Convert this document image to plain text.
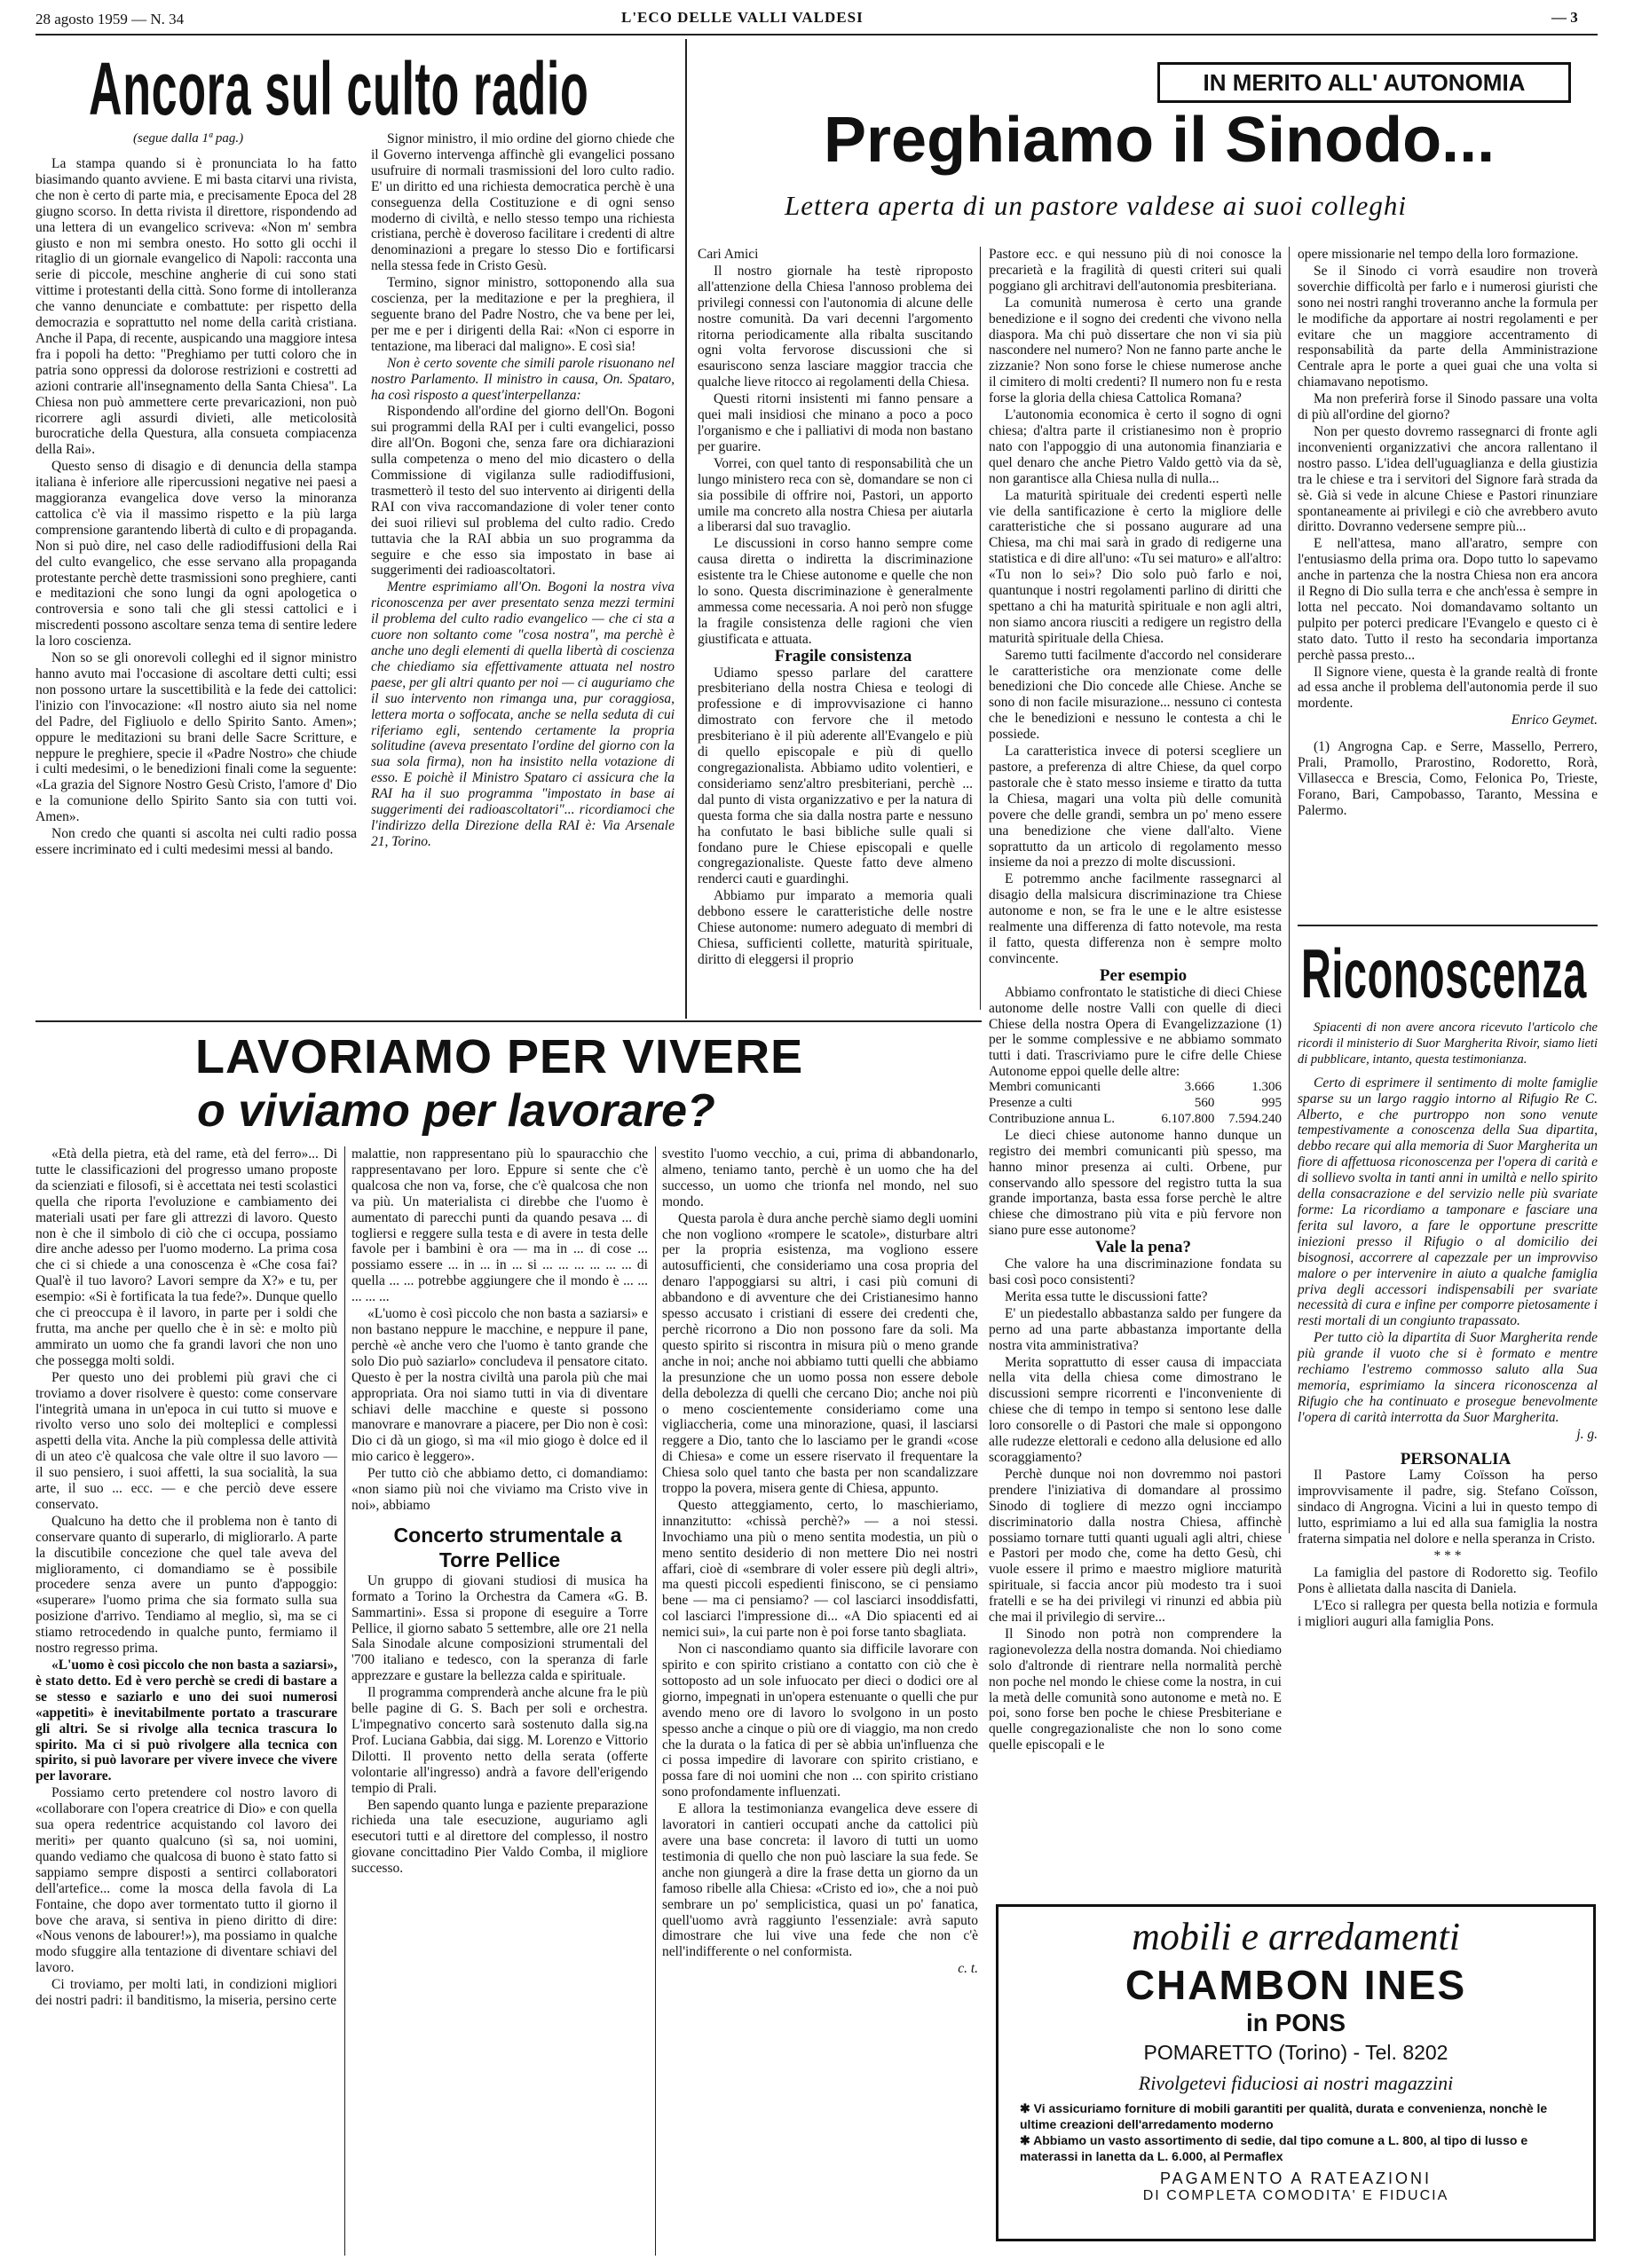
28 agosto 1959 — N. 34	L'ECO DELLE VALLI VALDESI	— 3
Ancora sul culto radio
(segue dalla 1ª pag.)

La stampa quando si è pronunciata lo ha fatto biasimando quanto avviene. E mi basta citarvi una rivista, che non è certo di parte mia, e precisamente Epoca del 28 giugno scorso. In detta rivista il direttore, rispondendo ad una lettera di un evangelico scriveva: «Non m' sembra giusto e non mi sembra onesto. Ho sotto gli occhi il ritaglio di un giornale evangelico di Napoli: racconta una serie di piccole, meschine angherie di cui sono stati vittime i protestanti della città. Sono forme di intolleranza che vanno denunciate e combattute: per rispetto della democrazia e soprattutto nel nome della carità cristiana. Anche il Papa, di recente, auspicando una maggiore intesa fra i popoli ha detto: "Preghiamo per tutti coloro che in patria sono oppressi da dolorose restrizioni e costretti ad azioni contrarie all'insegnamento della Santa Chiesa". La Chiesa non può ammettere certe prevaricazioni, non può ricorrere agli assurdi divieti, alle meticolosità burocratiche della Questura, alla consueta compiacenza della Rai».

Questo senso di disagio e di denuncia della stampa italiana è inferiore alle ripercussioni negative nei paesi a maggioranza evangelica dove verso la minoranza cattolica c'è via il massimo rispetto e la più larga comprensione garantendo libertà di culto e di propaganda. Non si può dire, nel caso delle radiodiffusioni della Rai del culto evangelico, che esse servano alla propaganda protestante perchè dette trasmissioni sono preghiere, canti e meditazioni che sono lungi da ogni apologetica o controversia e sono tali che gli stessi cattolici e i miscredenti possono ascoltare senza tema di sentire ledere la loro coscienza.

Non so se gli onorevoli colleghi ed il signor ministro hanno avuto mai l'occasione di ascoltare detti culti; essi non possono urtare la suscettibilità e la fede dei cattolici: l'inizio con l'invocazione: «Il nostro aiuto sia nel nome del Padre, del Figliuolo e dello Spirito Santo. Amen»; oppure le meditazioni su brani delle Sacre Scritture, e neppure le preghiere, specie il «Padre Nostro» che chiude i culti medesimi, o le benedizioni finali come la seguente: «La grazia del Signore Nostro Gesù Cristo, l'amore d' Dio e la comunione dello Spirito Santo sia con tutti voi. Amen».

Non credo che quanti si ascolta nei culti radio possa essere incriminato ed i culti medesimi messi al bando.

Signor ministro, il mio ordine del giorno chiede che il Governo intervenga affinchè gli evangelici possano usufruire di normali trasmissioni del loro culto radio. E' un diritto ed una richiesta democratica perchè è una conseguenza della Costituzione e di ogni senso moderno di civiltà, e nello stesso tempo una richiesta cristiana, perchè è doveroso facilitare i credenti di altre denominazioni a pregare lo stesso Dio e fortificarsi nella stessa fede in Cristo Gesù.

Termino, signor ministro, sottoponendo alla sua coscienza, per la meditazione e per la preghiera, il seguente brano del Padre Nostro, che va bene per lei, per me e per i dirigenti della Rai: «Non ci esporre in tentazione, ma liberaci dal maligno». E così sia!

Non è certo sovente che simili parole risuonano nel nostro Parlamento. Il ministro in causa, On. Spataro, ha così risposto a quest'interpellanza:

Rispondendo all'ordine del giorno dell'On. Bogoni sui programmi della RAI per i culti evangelici, posso dire all'On. Bogoni che, senza fare ora dichiarazioni sulla competenza o meno del mio dicastero o della Commissione di vigilanza sulle radiodiffusioni, trasmetterò il testo del suo intervento ai dirigenti della RAI con viva raccomandazione di voler tener conto dei suoi rilievi sul problema del culto radio. Credo tuttavia che la RAI abbia un suo programma da seguire e che esso sia impostato in base ai suggerimenti dei radioascoltatori.

Mentre esprimiamo all'On. Bogoni la nostra viva riconoscenza per aver presentato senza mezzi termini il problema del culto radio evangelico — che ci sta a cuore non soltanto come "cosa nostra", ma perchè è anche uno degli elementi di quella libertà di coscienza che chiediamo sia effettivamente attuata nel nostro paese, per gli altri quanto per noi — ci auguriamo che il suo intervento non rimanga una, pur coraggiosa, lettera morta o soffocata, anche se nella seduta di cui riferiamo egli, sentendo certamente la propria solitudine (aveva presentato l'ordine del giorno con la sua sola firma), non ha insistito nella votazione di esso. E poichè il Ministro Spataro ci assicura che la RAI ha il suo programma "impostato in base ai suggerimenti dei radioascoltatori"... ricordiamoci che l'indirizzo della Direzione della RAI è: Via Arsenale 21, Torino.

IN MERITO ALL' AUTONOMIA
Preghiamo il Sinodo...
Lettera aperta di un pastore valdese ai suoi colleghi

Cari Amici

Il nostro giornale ha testè riproposto all'attenzione della Chiesa l'annoso problema dei privilegi connessi con l'autonomia di alcune delle nostre comunità. Da vari decenni l'argomento ritorna periodicamente alla ribalta suscitando ogni volta fervorose discussioni che si esauriscono senza lasciare maggior traccia che qualche lieve ritocco ai regolamenti della Chiesa.

Questi ritorni insistenti mi fanno pensare a quei mali insidiosi che minano a poco a poco l'organismo e che i palliativi di moda non bastano per guarire.

Vorrei, con quel tanto di responsabilità che un lungo ministero reca con sè, domandare se non ci sia possibile di offrire noi, Pastori, un apporto umile ma concreto alla nostra Chiesa per aiutarla a liberarsi dal suo travaglio.

Le discussioni in corso hanno sempre come causa diretta o indiretta la discriminazione esistente tra le Chiese autonome e quelle che non lo sono. Questa discriminazione è generalmente ammessa come necessaria. A noi però non sfugge la fragile consistenza delle ragioni che vien giustificata e attuata.

Fragile consistenza

Udiamo spesso parlare del carattere presbiteriano della nostra Chiesa e teologi di professione e di improvvisazione ci hanno dimostrato con fervore che il metodo presbiteriano è il più aderente all'Evangelo e più di quello episcopale e più di quello congregazionalista. Abbiamo udito volentieri, e consideriamo senz'altro presbiteriani, perchè ... dal punto di vista organizzativo e per la natura di questa forma che sia dalla nostra parte e nessuno ha confutato le basi bibliche sulle quali si fondano pure le Chiese episcopali e quelle congregazionaliste. Queste fatto deve almeno renderci cauti e guardinghi.

Abbiamo pur imparato a memoria quali debbono essere le caratteristiche delle nostre Chiese autonome: numero adeguato di membri di Chiesa, sufficienti collette, maturità spirituale, diritto di eleggersi il proprio

Pastore ecc. e qui nessuno più di noi conosce la precarietà e la fragilità di questi criteri sui quali poggiano gli architravi dell'autonomia presbiteriana.

La comunità numerosa è certo una grande benedizione e il sogno dei credenti che vivono nella diaspora. Ma chi può dissertare che non vi sia più nascondere nel numero? Non ne fanno parte anche le zizzanie? Non sono forse le chiese numerose anche il cimitero di molti credenti? Il numero non fu e resta forse la gloria della chiesa Cattolica Romana?

L'autonomia economica è certo il sogno di ogni chiesa; d'altra parte il cristianesimo non è proprio nato con l'appoggio di una autonomia finanziaria e quel denaro che anche Pietro Valdo gettò via da sè, non garantisce alla Chiesa nulla di nulla...

La maturità spirituale dei credenti espertì nelle vie della santificazione è certo la migliore delle caratteristiche che si possano augurare ad una Chiesa, ma chi mai sarà in grado di redigerne una statistica e di dire all'uno: «Tu sei maturo» e all'altro: «Tu non lo sei»? Dio solo può farlo e noi, quantunque i nostri regolamenti parlino di diritti che spettano a chi ha maturità spirituale e non agli altri, non siamo ancora riusciti a redigere un registro della maturità spirituale della Chiesa.

Saremo tutti facilmente d'accordo nel considerare le caratteristiche ora menzionate come delle benedizioni che Dio concede alle Chiese. Anche se sono di non facile misurazione... nessuno ci contesta che le benedizioni e nessuno le contesta a chi le possiede.

La caratteristica invece di potersi scegliere un pastore, a preferenza di altre Chiese, da quel corpo pastorale che è stato messo insieme e tiratto da tutta la Chiesa, magari una volta più delle comunità povere che delle grandi, sembra un po' meno essere una benedizione che viene dall'alto. Viene soprattutto da un articolo di regolamento messo insieme da noi a prezzo di molte discussioni.

E potremmo anche facilmente rassegnarci al disagio della malsicura discriminazione tra Chiese autonome e non, se fra le une e le altre esistesse realmente una differenza di fatto notevole, ma resta il fatto, questa differenza non è sempre molto convincente.

Per esempio

Abbiamo confrontato le statistiche di dieci Chiese autonome delle nostre Valli con quelle di dieci Chiese della nostra Opera di Evangelizzazione (1) per le somme complessive e ne abbiamo sommato tutti i dati. Trascriviamo pure le cifre delle Chiese Autonome eppoi quelle delle altre:

Membri comunicanti	3.666	1.306
Presenze a culti	560	995
Contribuzione annua L.	6.107.800	7.594.240

Le dieci chiese autonome hanno dunque un registro dei membri comunicanti più spesso, ma hanno minor presenza ai culti. Orbene, pur conservando allo spessore del registro tutta la sua grande importanza, basta essa forse perchè le altre chiese che dimostrano più vita e più fervore non siano pure esse autonome?

Vale la pena?

Che valore ha una discriminazione fondata su basi così poco consistenti?

Merita essa tutte le discussioni fatte?

E' un piedestallo abbastanza saldo per fungere da perno ad una parte abbastanza importante della nostra vita amministrativa?

Merita soprattutto di esser causa di impacciata nella vita della chiesa come dimostrano le discussioni sempre ricorrenti e l'inconveniente di chiese che di tempo in tempo si sentono lese dalle loro consorelle o di Pastori che male si oppongono alle rudezze elettorali e cedono alla delusione ed allo scoraggiamento?

Perchè dunque noi non dovremmo noi pastori prendere l'iniziativa di domandare al prossimo Sinodo di togliere di mezzo ogni incciampo discriminatorio dalla nostra Chiesa, affinchè possiamo tornare tutti quanti uguali agli altri, chiese e Pastori per modo che, come ha detto Gesù, chi vuole essere il primo e maestro migliore maturità spirituale, si faccia ancor più modesto tra i suoi fratelli e se ha dei privilegi vi rinunzi ed abbia più che mai il privilegio di servire...

Il Sinodo non potrà non comprendere la ragionevolezza della nostra domanda. Noi chiediamo solo d'altronde di rientrare nella normalità perchè non poche nel mondo le chiese come la nostra, in cui la metà delle comunità sono autonome e metà no. E poi, sono forse ben poche le chiese Presbiteriane e quelle congregazionaliste che non lo sono come quelle episcopali e le

opere missionarie nel tempo della loro formazione.

Se il Sinodo ci vorrà esaudire non troverà soverchie difficoltà per farlo e i numerosi giuristi che sono nei nostri ranghi troveranno anche la formula per le modifiche da apportare ai nostri regolamenti e per evitare che un maggiore accentramento di responsabilità da parte della Amministrazione Centrale apra le porte a quei guai che una volta si chiamavano nepotismo.

Ma non preferirà forse il Sinodo passare una volta di più all'ordine del giorno?

Non per questo dovremo rassegnarci di fronte agli inconvenienti organizzativi che ancora rallentano il nostro passo. L'idea dell'uguaglianza e della giustizia tra le chiese e tra i servitori del Signore farà strada da sè. Già si vede in alcune Chiese e Pastori rinunziare spontaneamente ai privilegi e ciò che avrebbero avuto diritto. Dovranno vedersene sempre più...

E nell'attesa, mano all'aratro, sempre con l'entusiasmo della prima ora. Dopo tutto lo sapevamo anche in partenza che la nostra Chiesa non era ancora il Regno di Dio sulla terra e che anch'essa è sempre in lotta nel peccato. Noi domandavamo soltanto un pulpito per poterci predicare l'Evangelo e questo ci è stato dato. Tutto il resto ha secondaria importanza perchè passa presto...

Il Signore viene, questa è la grande realtà di fronte ad essa anche il problema dell'autonomia perde il suo mordente.

Enrico Geymet.

(1) Angrogna Cap. e Serre, Massello, Perrero, Prali, Pramollo, Prarostino, Rodoretto, Rorà, Villasecca e Brescia, Como, Felonica Po, Trieste, Forano, Bari, Campobasso, Taranto, Messina e Palermo.

Riconoscenza

Spiacenti di non avere ancora ricevuto l'articolo che ricordi il ministerio di Suor Margherita Rivoir, siamo lieti di pubblicare, intanto, questa testimonianza.

Certo di esprimere il sentimento di molte famiglie sparse su un largo raggio intorno al Rifugio Re C. Alberto, e che purtroppo non sono venute tempestivamente a conoscenza della Sua dipartita, debbo recare qui alla memoria di Suor Margherita un fiore di affettuosa riconoscenza per l'opera di carità e di sollievo svolta in tanti anni in umiltà e nello spirito della consacrazione e del servizio nelle più svariate forme: La ricordiamo a tamponare e fasciare una ferita sul lavoro, a fare le opportune prescritte iniezioni presso il Rifugio o al domicilio dei bisognosi, accorrere al capezzale per un improvviso malore o per intervenire in aiuto a qualche famiglia priva degli accessori indispensabili per svariate necessità di cura e infine per comporre pietosamente i resti mortali di un congiunto trapassato.

Per tutto ciò la dipartita di Suor Margherita rende più grande il vuoto che si è formato e mentre rechiamo l'estremo commosso saluto alla Sua memoria, esprimiamo la sincera riconoscenza al Rifugio che ha continuato e prosegue benevolmente l'opera di carità interrotta da Suor Margherita.

j. g.

PERSONALIA

Il Pastore Lamy Coïsson ha perso improvvisamente il padre, sig. Stefano Coïsson, sindaco di Angrogna. Vicini a lui in questo tempo di lutto, esprimiamo a lui ed alla sua famiglia la nostra fraterna simpatia nel dolore e nella speranza in Cristo.

* * *

La famiglia del pastore di Rodoretto sig. Teofilo Pons è allietata dalla nascita di Daniela.

L'Eco si rallegra per questa bella notizia e formula i migliori auguri alla famiglia Pons.

mobili e arredamenti
CHAMBON INES
in PONS
POMARETTO (Torino) - Tel. 8202
Rivolgetevi fiduciosi ai nostri magazzini
✱ Vi assicuriamo forniture di mobili garantiti per qualità, durata e convenienza, nonchè le ultime creazioni dell'arredamento moderno
✱ Abbiamo un vasto assortimento di sedie, dal tipo comune a L. 800, al tipo di lusso e materassi in lanetta da L. 6.000, al Permaflex
PAGAMENTO A RATEAZIONI
DI COMPLETA COMODITA' E FIDUCIA
LAVORIAMO PER VIVERE
o viviamo per lavorare?

«Età della pietra, età del rame, età del ferro»... Di tutte le classificazioni del progresso umano proposte da scienziati e filosofi, si è accettata nei testi scolastici quella che riporta l'evoluzione e cambiamento dei materiali usati per fare gli attrezzi di lavoro. Questo non è che il simbolo di ciò che ci occupa, possiamo dire anche adesso per l'uomo moderno. La prima cosa che ci si chiede a una conoscenza è «Che cosa fai? Qual'è il tuo lavoro? Lavori sempre da X?» e tu, per esempio: «Si è fortificata la tua fede?». Dunque quello che ci preoccupa è il lavoro, in parte per i soldi che frutta, ma anche per quello che è in sè: e molto più ammirato un uomo che fa grandi lavori che non uno che possegga molti soldi.

Per questo uno dei problemi più gravi che ci troviamo a dover risolvere è questo: come conservare l'integrità umana in un'epoca in cui tutto si muove e rivolto verso uno solo dei molteplici e complessi aspetti della vita. Anche la più complessa delle attività di un ateo c'è qualcosa che vale oltre il suo lavoro — il suo pensiero, i suoi affetti, la sua socialità, la sua arte, il suo ... ecc. — e che perciò deve essere conservato.

Qualcuno ha detto che il problema non è tanto di conservare quanto di superarlo, di migliorarlo. A parte la discutibile concezione che quel tale aveva del miglioramento, ci domandiamo se è possibile procedere senza avere un punto d'appoggio: «superare» l'uomo prima che sia formato sulla sua posizione d'arrivo. Tendiamo al meglio, sì, ma se ci stiamo retrocedendo in qualche punto, fermiamo il nostro regresso prima.

«L'uomo è così piccolo che non basta a saziarsi», è stato detto. Ed è vero perchè se credi di bastare a se stesso e saziarlo e uno dei suoi numerosi «appetiti» è inevitabilmente portato a trascurare gli altri. Se si rivolge alla tecnica trascura lo spirito. Ma ci si può rivolgere alla tecnica con spirito, si può lavorare per vivere invece che vivere per lavorare.

Possiamo certo pretendere col nostro lavoro di «collaborare con l'opera creatrice di Dio» e con quella sua opera redentrice acquistando col lavoro dei meriti» per quanto qualcuno (sì sa, noi uomini, quando vediamo che qualcosa di buono è stato fatto si sappiamo sempre disposti a sentirci collaboratori dell'artefice... come la mosca della favola di La Fontaine, che dopo aver tormentato tutto il giorno il bove che arava, si sentiva in pieno diritto di dire: «Nous venons de labourer!»), ma possiamo in qualche modo sfuggire alla tentazione di diventare schiavi del lavoro.

Ci troviamo, per molti lati, in condizioni migliori dei nostri padri: il banditismo, la miseria, persino certe

malattie, non rappresentano più lo spauracchio che rappresentavano per loro. Eppure si sente che c'è qualcosa che non va, forse, che c'è qualcosa che non va più. Un materialista ci direbbe che l'uomo è aumentato di parecchi punti da quando pesava ... di togliersi e reggere sulla testa e di avere in testa delle favole per i bambini è ora — ma in ... di cose ... possiamo essere ... in ... in ... si ... ... ... ... ... ... di quella ... ... potrebbe aggiungere che il mondo è ... ... ... ... ...

«L'uomo è così piccolo che non basta a saziarsi» e non bastano neppure le macchine, e neppure il pane, perchè «è anche vero che l'uomo è tanto grande che solo Dio può saziarlo» concludeva il pensatore citato. Questo è per la nostra civiltà una parola più che mai appropriata. Ora noi siamo tutti in via di diventare schiavi delle macchine e queste si possono manovrare e manovrare a piacere, per Dio non è così: Dio ci dà un giogo, sì ma «il mio giogo è dolce ed il mio carico è leggero».

Per tutto ciò che abbiamo detto, ci domandiamo: «non siamo più noi che viviamo ma Cristo vive in noi», abbiamo

Concerto strumentale a Torre Pellice

Un gruppo di giovani studiosi di musica ha formato a Torino la Orchestra da Camera «G. B. Sammartini». Essa si propone di eseguire a Torre Pellice, il giorno sabato 5 settembre, alle ore 21 nella Sala Sinodale alcune composizioni strumentali del '700 italiano e tedesco, con la speranza di farle apprezzare e gustare la bellezza calda e spirituale.

Il programma comprenderà anche alcune fra le più belle pagine di G. S. Bach per soli e orchestra. L'impegnativo concerto sarà sostenuto dalla sig.na Prof. Luciana Gabbia, dai sigg. M. Lorenzo e Vittorio Dilotti. Il provento netto della serata (offerte volontarie all'ingresso) andrà a favore dell'erigendo tempio di Prali.

Ben sapendo quanto lunga e paziente preparazione richieda una tale esecuzione, auguriamo agli esecutori tutti e al direttore del complesso, il nostro giovane concittadino Pier Valdo Comba, il migliore successo.

svestito l'uomo vecchio, a cui, prima di abbandonarlo, almeno, teniamo tanto, perchè è un uomo che ha del successo, un uomo che trionfa nel mondo, nel suo mondo.

Questa parola è dura anche perchè siamo degli uomini che non vogliono «rompere le scatole», disturbare altri per la propria esistenza, ma vogliono essere autosufficienti, che consideriamo una cosa propria del denaro l'appoggiarsi su altri, i casi più comuni di abbandono e di avventure che dei Cristianesimo hanno spesso accusato i cristiani di essere dei credenti che, perchè ricorrono a Dio non possono fare da soli. Ma questo spirito si riscontra in misura più o meno grande anche in noi; anche noi abbiamo tutti quelli che abbiamo la presunzione che un uomo possa non essere debole della debolezza di quelli che cercano Dio; anche noi più o meno coscientemente consideriamo come una vigliaccheria, come una minorazione, quasi, il lasciarsi reggere a Dio, tanto che lo lasciamo per le grandi «cose di Chiesa» e come un essere riservato il frequentare la Chiesa solo quel tanto che basta per non scandalizzare troppo la povera, misera gente di Chiesa, appunto.

Questo atteggiamento, certo, lo maschieriamo, innanzitutto: «chissà perchè?» — a noi stessi. Invochiamo una più o meno sentita modestia, un più o meno sentito desiderio di non mettere Dio nei nostri affari, cioè di «sembrare di voler essere più degli altri», ma questi piccoli espedienti finiscono, se ci pensiamo bene — ma ci pensiamo? — col lasciarci insoddisfatti, col lasciarci l'impressione di... «A Dio spiacenti ed ai nemici sui», la cui parte non è poi forse tanto sbagliata.

Non ci nascondiamo quanto sia difficile lavorare con spirito e con spirito cristiano a contatto con ciò che è sottoposto ad un sole infuocato per dieci o dodici ore al giorno, impegnati in un'opera estenuante o quelli che pur avendo meno ore di lavoro lo svolgono in un posto spesso anche a cinque o più ore di viaggio, ma non credo che la durata o la fatica di per sè abbia un'influenza che ci possa impedire di lavorare con spirito cristiano, e possa fare di noi uomini che non ... con spirito cristiano sono profondamente influenzati.

E allora la testimonianza evangelica deve essere di lavoratori in cantieri occupati anche da cattolici più avere una base concreta: il lavoro di tutti un uomo testimonia di quello che non può lasciare la sua fede. Se anche non giungerà a dire la frase detta un giorno da un famoso ribelle alla Chiesa: «Cristo ed io», che a noi può sembrare un po' semplicistica, quasi un po' fanatica, quell'uomo avrà raggiunto l'essenziale: avrà saputo dimostrare che lui vive una fede che non c'è nell'indifferente o nel conformista.

c. t.
